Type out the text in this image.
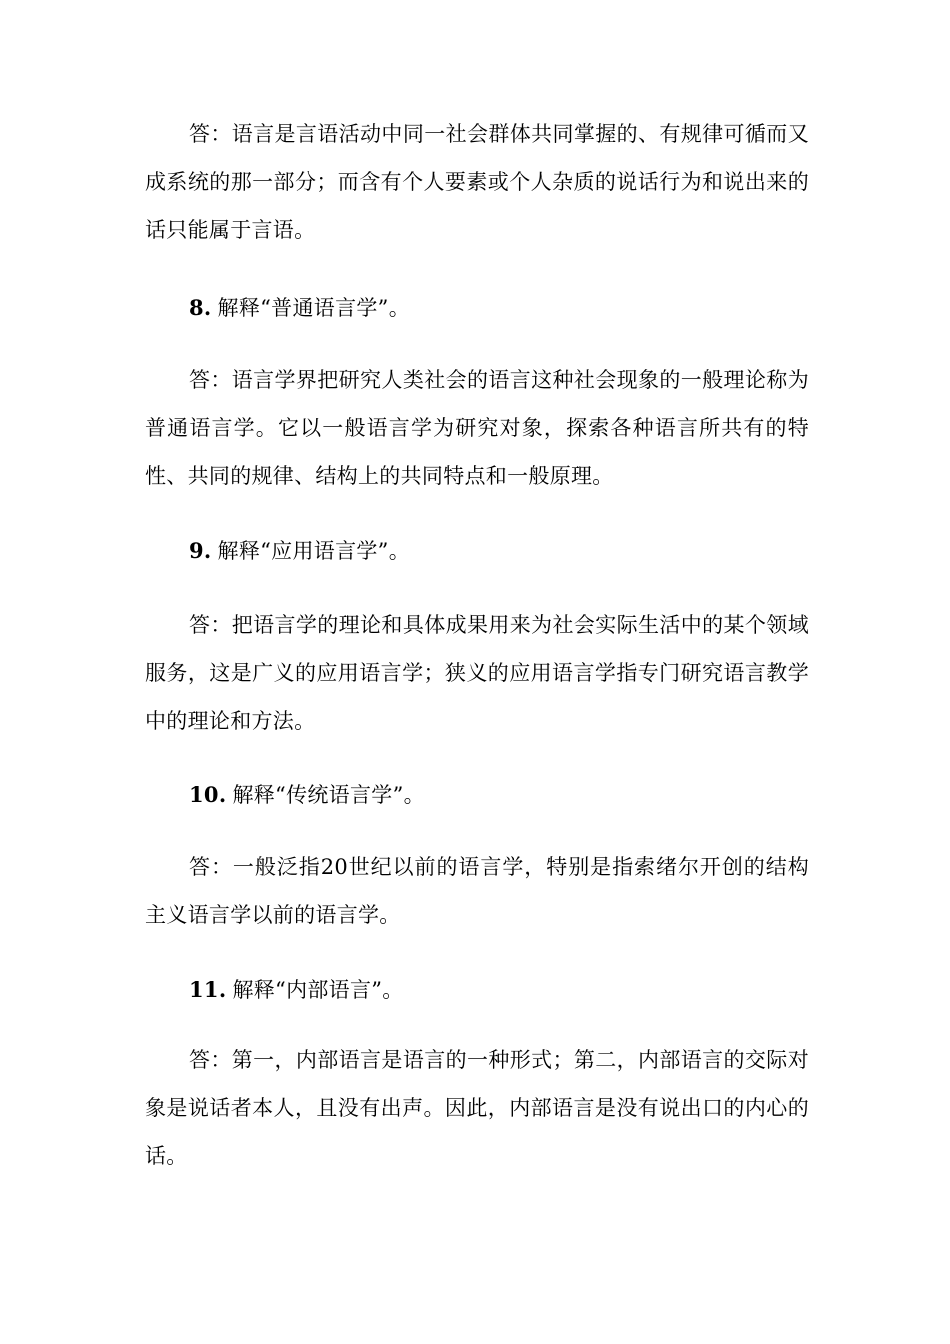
答：语言是言语活动中同一社会群体共同掌握的、有规律可循而又成系统的那一部分；而含有个人要素或个人杂质的说话行为和说出来的话只能属于言语。

8. 解释“普通语言学”。

答：语言学界把研究人类社会的语言这种社会现象的一般理论称为普通语言学。它以一般语言学为研究对象，探索各种语言所共有的特性、共同的规律、结构上的共同特点和一般原理。

9. 解释“应用语言学”。

答：把语言学的理论和具体成果用来为社会实际生活中的某个领域服务，这是广义的应用语言学；狭义的应用语言学指专门研究语言教学中的理论和方法。

10. 解释“传统语言学”。

答：一般泛指20世纪以前的语言学，特别是指索绪尔开创的结构主义语言学以前的语言学。

11. 解释“内部语言”。

答：第一，内部语言是语言的一种形式；第二，内部语言的交际对象是说话者本人，且没有出声。因此，内部语言是没有说出口的内心的话。
